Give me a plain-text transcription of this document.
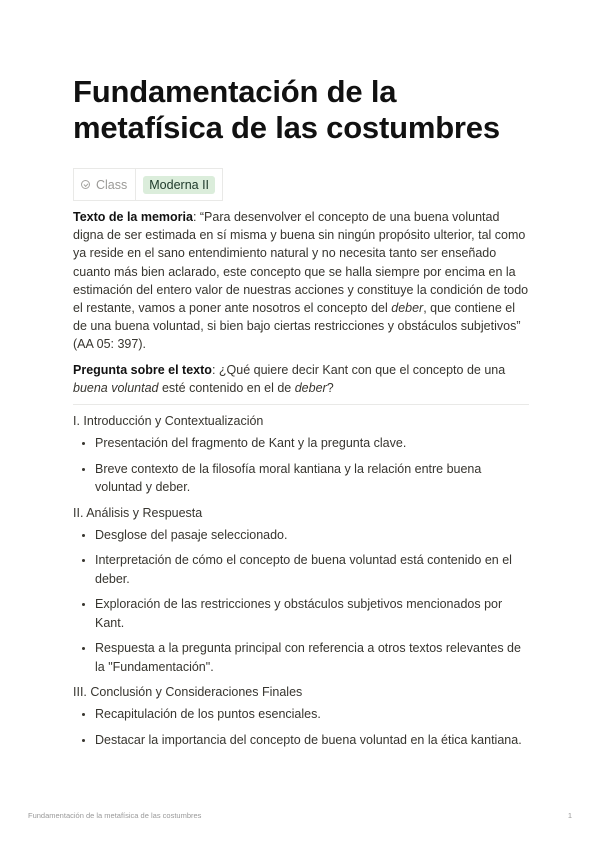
Fundamentación de la
metafísica de las costumbres
Class	Moderna II

Texto de la memoria: “Para desenvolver el concepto de una buena voluntad digna de ser estimada en sí misma y buena sin ningún propósito ulterior, tal como ya reside en el sano entendimiento natural y no necesita tanto ser enseñado cuanto más bien aclarado, este concepto que se halla siempre por encima en la estimación del entero valor de nuestras acciones y constituye la condición de todo el restante, vamos a poner ante nosotros el concepto del deber, que contiene el de una buena voluntad, si bien bajo ciertas restricciones y obstáculos subjetivos” (AA 05: 397).

Pregunta sobre el texto: ¿Qué quiere decir Kant con que el concepto de una buena voluntad esté contenido en el de deber?

I. Introducción y Contextualización
• Presentación del fragmento de Kant y la pregunta clave.
• Breve contexto de la filosofía moral kantiana y la relación entre buena voluntad y deber.
II. Análisis y Respuesta
• Desglose del pasaje seleccionado.
• Interpretación de cómo el concepto de buena voluntad está contenido en el deber.
• Exploración de las restricciones y obstáculos subjetivos mencionados por Kant.
• Respuesta a la pregunta principal con referencia a otros textos relevantes de la "Fundamentación".
III. Conclusión y Consideraciones Finales
• Recapitulación de los puntos esenciales.
• Destacar la importancia del concepto de buena voluntad en la ética kantiana.
Fundamentación de la metafísica de las costumbres	1
